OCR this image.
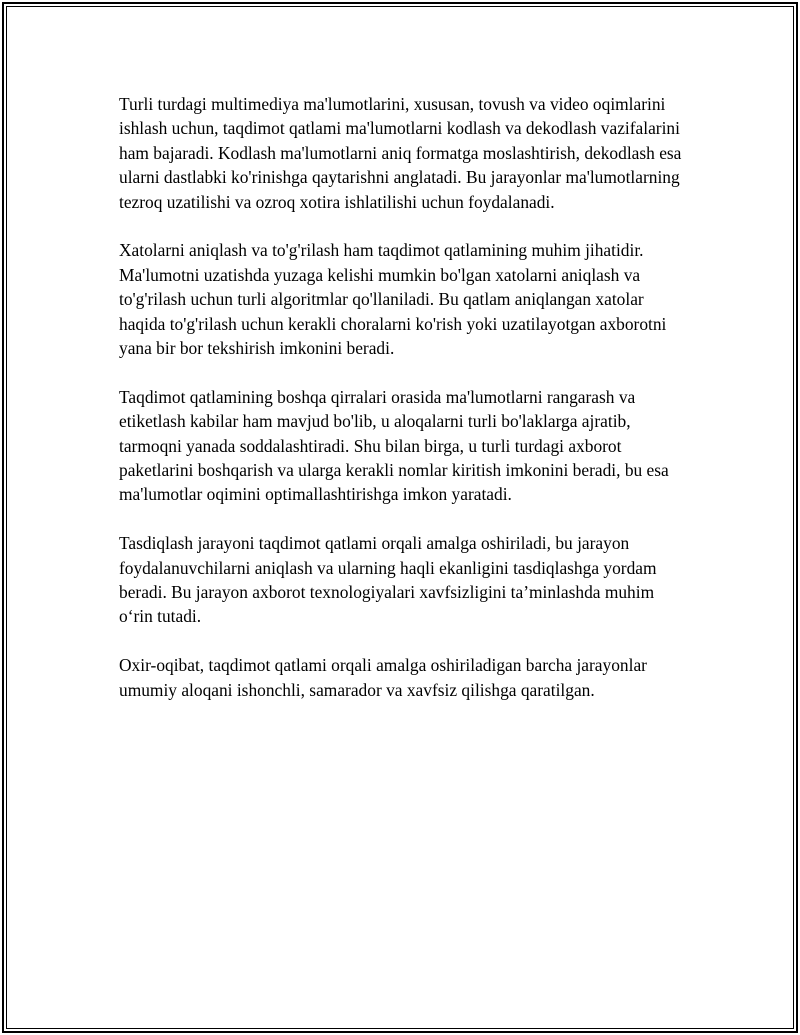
Turli turdagi multimediya ma'lumotlarini, xususan, tovush va video oqimlarini ishlash uchun, taqdimot qatlami ma'lumotlarni kodlash va dekodlash vazifalarini ham bajaradi. Kodlash ma'lumotlarni aniq formatga moslashtirish, dekodlash esa ularni dastlabki ko'rinishga qaytarishni anglatadi. Bu jarayonlar ma'lumotlarning tezroq uzatilishi va ozroq xotira ishlatilishi uchun foydalanadi.

Xatolarni aniqlash va to'g'rilash ham taqdimot qatlamining muhim jihatidir. Ma'lumotni uzatishda yuzaga kelishi mumkin bo'lgan xatolarni aniqlash va to'g'rilash uchun turli algoritmlar qo'llaniladi. Bu qatlam aniqlangan xatolar haqida to'g'rilash uchun kerakli choralarni ko'rish yoki uzatilayotgan axborotni yana bir bor tekshirish imkonini beradi.

Taqdimot qatlamining boshqa qirralari orasida ma'lumotlarni rangarash va etiketlash kabilar ham mavjud bo'lib, u aloqalarni turli bo'laklarga ajratib, tarmoqni yanada soddalashtiradi. Shu bilan birga, u turli turdagi axborot paketlarini boshqarish va ularga kerakli nomlar kiritish imkonini beradi, bu esa ma'lumotlar oqimini optimallashtirishga imkon yaratadi.

Tasdiqlash jarayoni taqdimot qatlami orqali amalga oshiriladi, bu jarayon foydalanuvchilarni aniqlash va ularning haqli ekanligini tasdiqlashga yordam beradi. Bu jarayon axborot texnologiyalari xavfsizligini ta’minlashda muhim o‘rin tutadi.

Oxir-oqibat, taqdimot qatlami orqali amalga oshiriladigan barcha jarayonlar umumiy aloqani ishonchli, samarador va xavfsiz qilishga qaratilgan.
